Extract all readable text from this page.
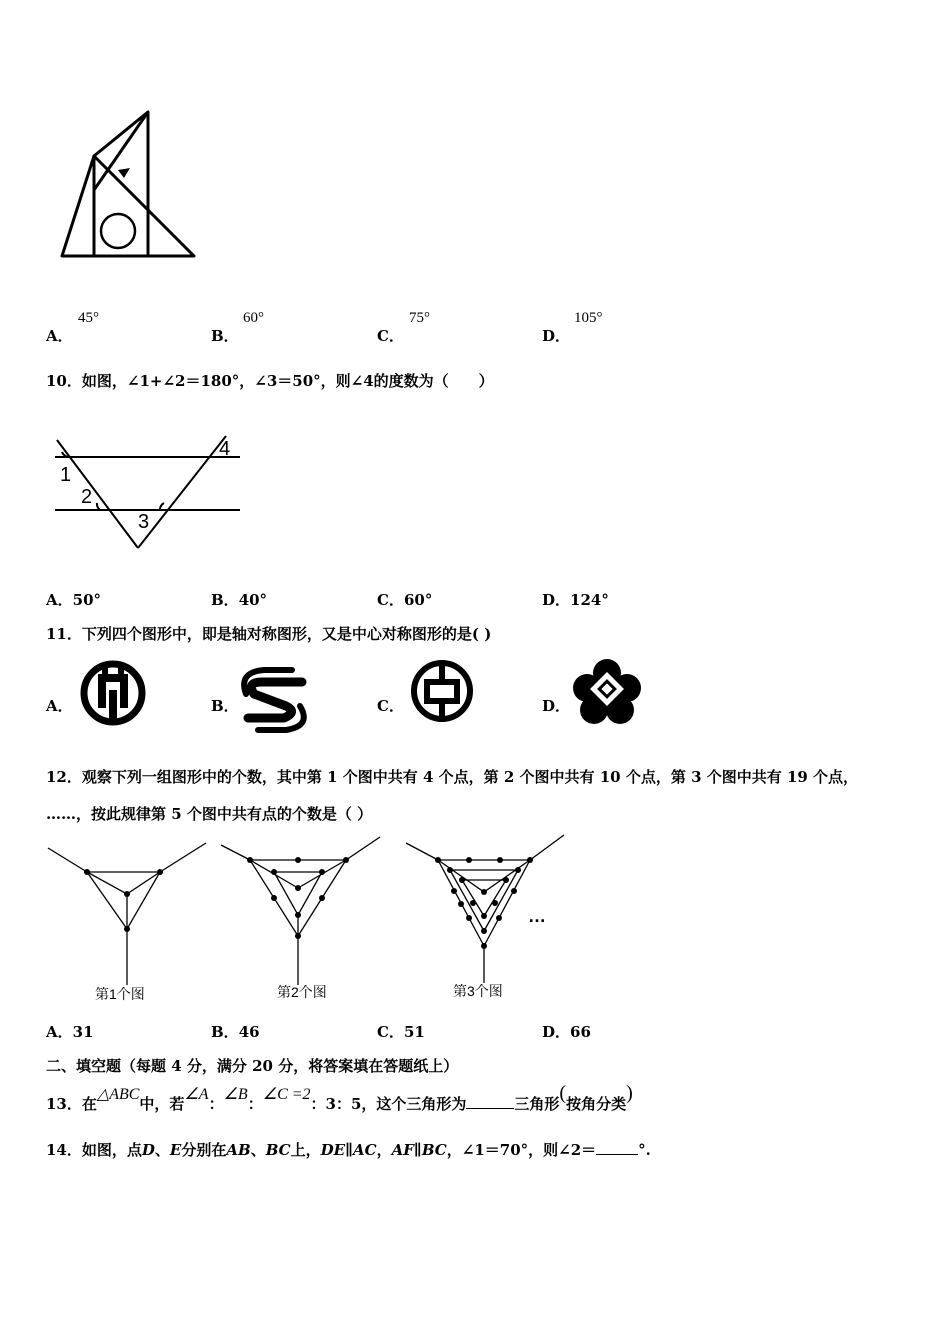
A．
45°
B．
60°
C．
75°
D．
105°
10．如图，∠1+∠2＝180°，∠3＝50°，则∠4的度数为（　　）
1
2
3
4
A．50°	B．40°	C．60°	D．124°
11．下列四个图形中，即是轴对称图形，又是中心对称图形的是( )
A．	B．	C．	D．
12．观察下列一组图形中的个数，其中第 1 个图中共有 4 个点，第 2 个图中共有 10 个点，第 3 个图中共有 19 个点，
……，按此规律第 5 个图中共有点的个数是（ ）
第1个图	第2个图	第3个图
…
A．31	B．46	C．51	D．66
二、填空题（每题 4 分，满分 20 分，将答案填在答题纸上）
13．在△ABC中，若∠A：∠B：∠C =2：3：5，这个三角形为	三角形(按角分类)
14．如图，点D、E分别在AB、BC上，DE∥AC，AF∥BC，∠1＝70°，则∠2＝	°.
